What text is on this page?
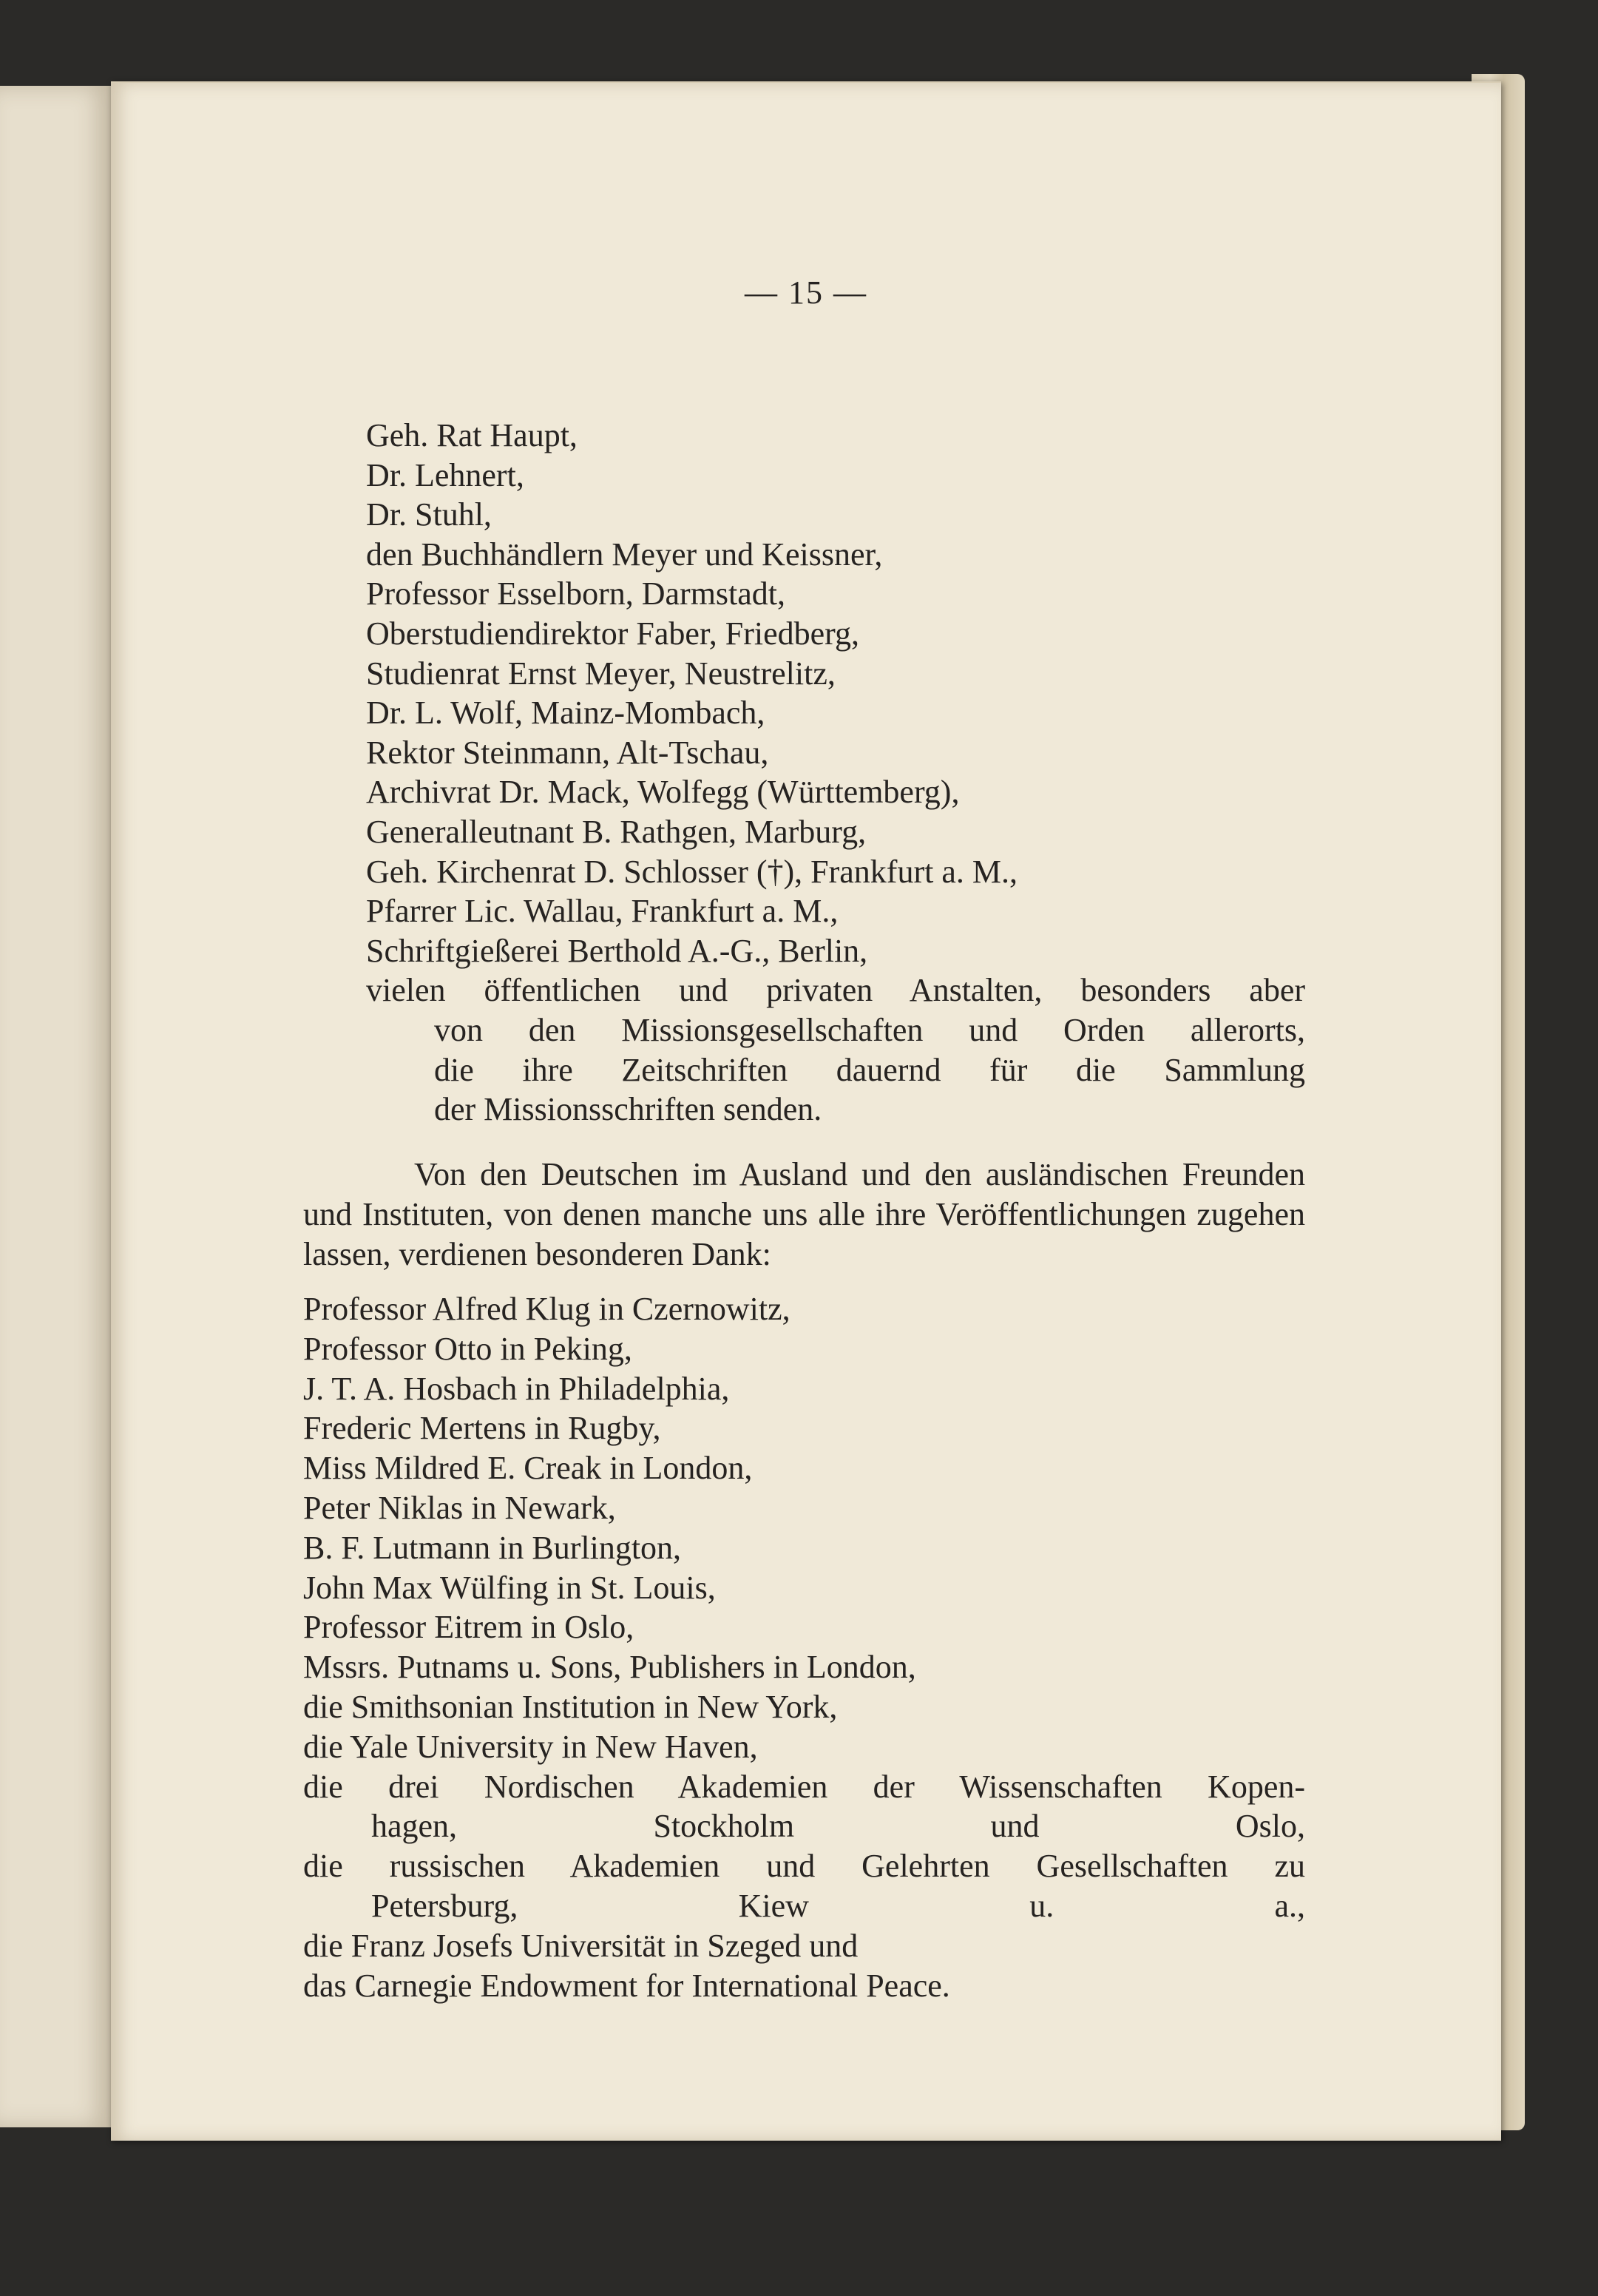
— 15 —
Geh. Rat Haupt,
Dr. Lehnert,
Dr. Stuhl,
den Buchhändlern Meyer und Keissner,
Professor Esselborn, Darmstadt,
Oberstudiendirektor Faber, Friedberg,
Studienrat Ernst Meyer, Neustrelitz,
Dr. L. Wolf, Mainz-Mombach,
Rektor Steinmann, Alt-Tschau,
Archivrat Dr. Mack, Wolfegg (Württemberg),
Generalleutnant B. Rathgen, Marburg,
Geh. Kirchenrat D. Schlosser (†), Frankfurt a. M.,
Pfarrer Lic. Wallau, Frankfurt a. M.,
Schriftgießerei Berthold A.-G., Berlin,
vielen öffentlichen und privaten Anstalten, besonders aber
von den Missionsgesellschaften und Orden allerorts,
die ihre Zeitschriften dauernd für die Sammlung
der Missionsschriften senden.
Von den Deutschen im Ausland und den ausländischen Freunden und Instituten, von denen manche uns alle ihre Veröffentlichungen zugehen lassen, verdienen besonderen Dank:
Professor Alfred Klug in Czernowitz,
Professor Otto in Peking,
J. T. A. Hosbach in Philadelphia,
Frederic Mertens in Rugby,
Miss Mildred E. Creak in London,
Peter Niklas in Newark,
B. F. Lutmann in Burlington,
John Max Wülfing in St. Louis,
Professor Eitrem in Oslo,
Mssrs. Putnams u. Sons, Publishers in London,
die Smithsonian Institution in New York,
die Yale University in New Haven,
die drei Nordischen Akademien der Wissenschaften Kopen-
hagen, Stockholm und Oslo,
die russischen Akademien und Gelehrten Gesellschaften zu
Petersburg, Kiew u. a.,
die Franz Josefs Universität in Szeged und
das Carnegie Endowment for International Peace.
